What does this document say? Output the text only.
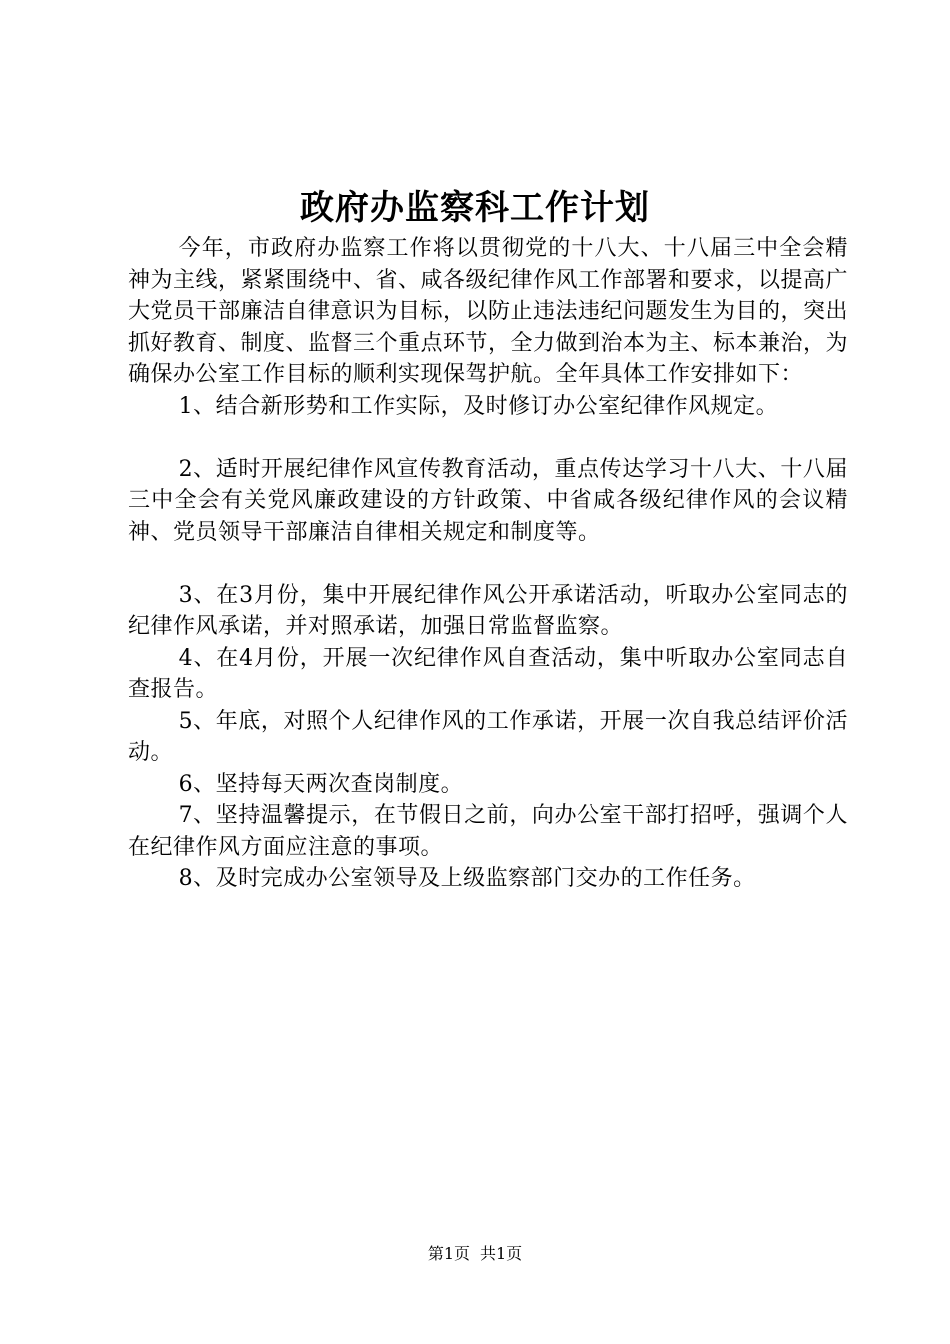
政府办监察科工作计划

今年，市政府办监察工作将以贯彻党的十八大、十八届三中全会精神为主线，紧紧围绕中、省、咸各级纪律作风工作部署和要求，以提高广大党员干部廉洁自律意识为目标，以防止违法违纪问题发生为目的，突出抓好教育、制度、监督三个重点环节，全力做到治本为主、标本兼治，为确保办公室工作目标的顺利实现保驾护航。全年具体工作安排如下：

1、结合新形势和工作实际，及时修订办公室纪律作风规定。

2、适时开展纪律作风宣传教育活动，重点传达学习十八大、十八届三中全会有关党风廉政建设的方针政策、中省咸各级纪律作风的会议精神、党员领导干部廉洁自律相关规定和制度等。

3、在3月份，集中开展纪律作风公开承诺活动，听取办公室同志的纪律作风承诺，并对照承诺，加强日常监督监察。

4、在4月份，开展一次纪律作风自查活动，集中听取办公室同志自查报告。

5、年底，对照个人纪律作风的工作承诺，开展一次自我总结评价活动。

6、坚持每天两次查岗制度。

7、坚持温馨提示，在节假日之前，向办公室干部打招呼，强调个人在纪律作风方面应注意的事项。

8、及时完成办公室领导及上级监察部门交办的工作任务。

第1页 共1页
